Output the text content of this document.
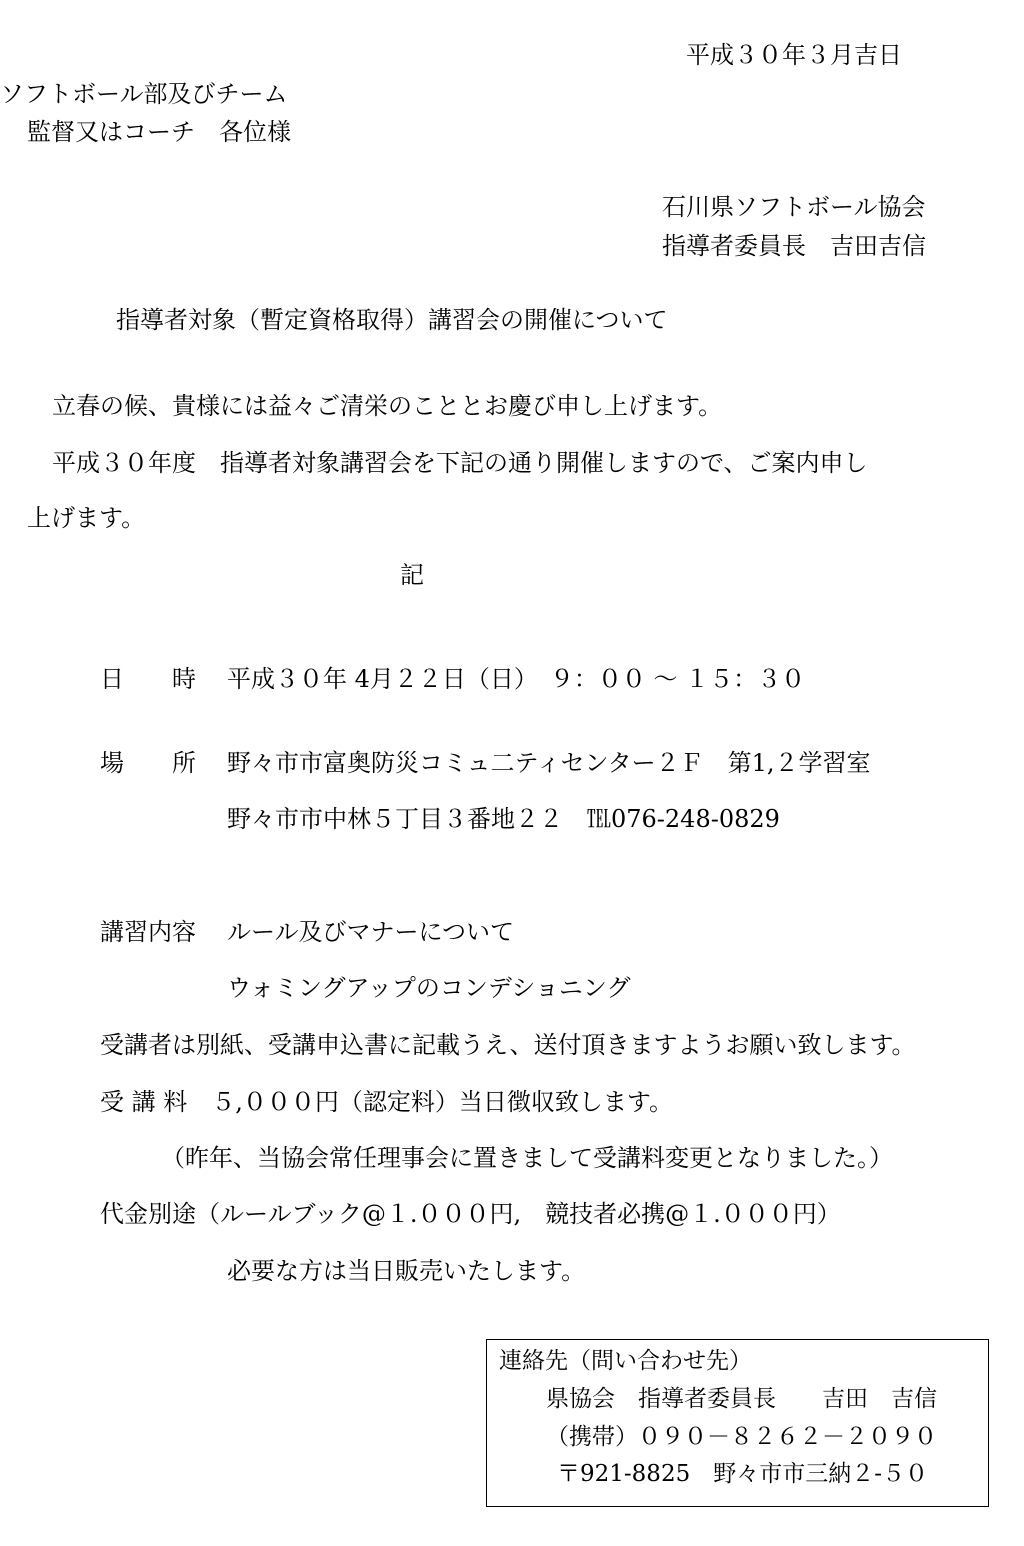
平成３０年３月吉日
ソフトボール部及びチーム
監督又はコーチ　各位様
石川県ソフトボール協会
指導者委員長　吉田吉信
指導者対象（暫定資格取得）講習会の開催について
立春の候、貴様には益々ご清栄のこととお慶び申し上げます。
平成３０年度　指導者対象講習会を下記の通り開催しますので、ご案内申し
上げます。
記
日　　時 平成３０年 4月２２日（日）　９：００ ～ １５：３０
場　　所 野々市市富奥防災コミュ二ティセンター２Ｆ　第1,２学習室
野々市市中林５丁目３番地２２　℡076-248-0829
講習内容 ルール及びマナーについて
ウォミングアップのコンデショニング
受講者は別紙、受講申込書に記載うえ、送付頂きますようお願い致します。
受 講 料　５,０００円（認定料）当日徴収致します。
（昨年、当協会常任理事会に置きまして受講料変更となりました。）
代金別途（ルールブック@１.０００円,　競技者必携@１.０００円）
必要な方は当日販売いたします。
連絡先（問い合わせ先）
県協会　指導者委員長　　吉田　吉信
（携帯）０９０－８２６２－２０９０
〒921-8825　野々市市三納２-５０
